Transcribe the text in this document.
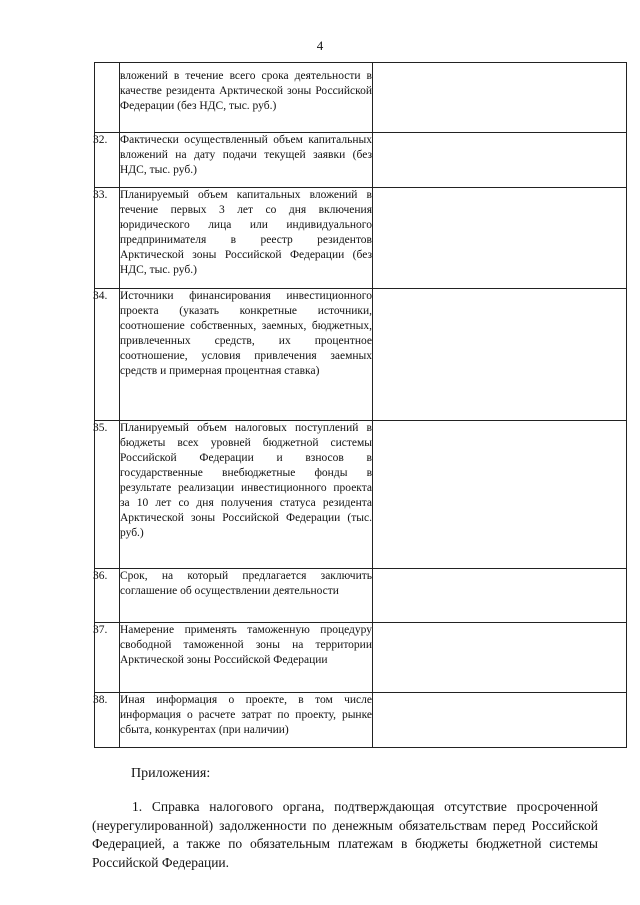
4

	вложений в течение всего срока деятельности в качестве резидента Арктической зоны Российской Федерации (без НДС, тыс. руб.)	

32.	Фактически осуществленный объем капитальных вложений на дату подачи текущей заявки (без НДС, тыс. руб.)	

33.	Планируемый объем капитальных вложений в течение первых 3 лет со дня включения юридического лица или индивидуального предпринимателя в реестр резидентов Арктической зоны Российской Федерации (без НДС, тыс. руб.)	

34.	Источники финансирования инвестиционного проекта (указать конкретные источники, соотношение собственных, заемных, бюджетных, привлеченных средств, их процентное соотношение, условия привлечения заемных средств и примерная процентная ставка)	

35.	Планируемый объем налоговых поступлений в бюджеты всех уровней бюджетной системы Российской Федерации и взносов в государственные внебюджетные фонды в результате реализации инвестиционного проекта за 10 лет со дня получения статуса резидента Арктической зоны Российской Федерации (тыс. руб.)	

36.	Срок, на который предлагается заключить соглашение об осуществлении деятельности	

37.	Намерение применять таможенную процедуру свободной таможенной зоны на территории Арктической зоны Российской Федерации	

38.	Иная информация о проекте, в том числе информация о расчете затрат по проекту, рынке сбыта, конкурентах (при наличии)	

Приложения:
1. Справка налогового органа, подтверждающая отсутствие просроченной (неурегулированной) задолженности по денежным обязательствам перед Российской Федерацией, а также по обязательным платежам в бюджеты бюджетной системы Российской Федерации.
